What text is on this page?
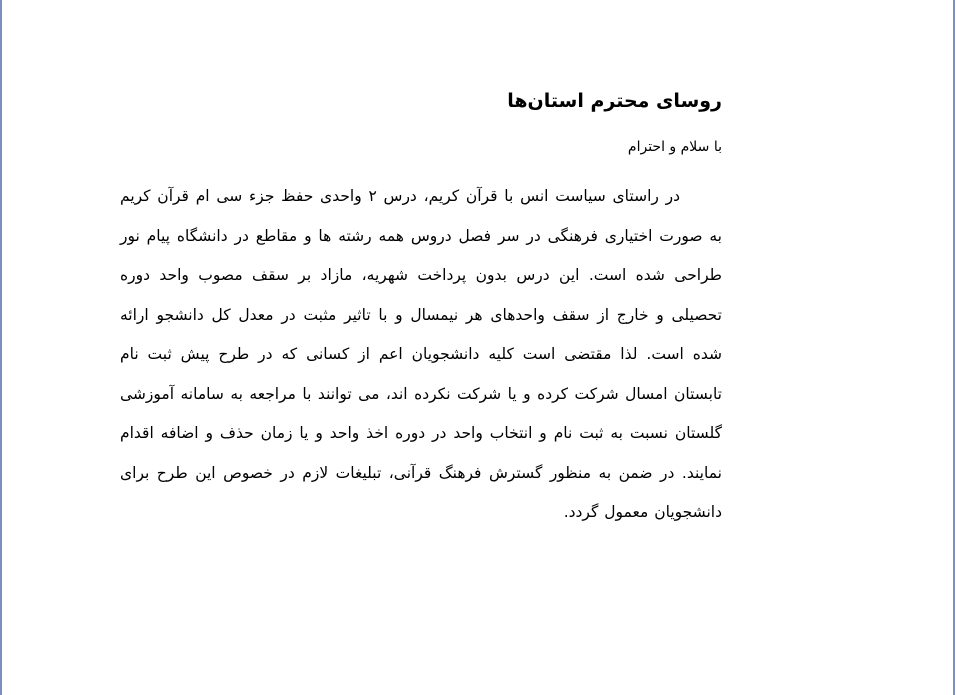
روسای محترم استان‌ها

با سلام و احترام

در راستای سیاست انس با قرآن کریم، درس ۲ واحدی حفظ جزء سی ام قرآن کریم به صورت اختیاری فرهنگی در سر فصل دروس همه رشته ها و مقاطع در دانشگاه پیام نور طراحی شده است. این درس بدون پرداخت شهریه، مازاد بر سقف مصوب واحد دوره تحصیلی و خارج از سقف واحدهای هر نیمسال و با تاثیر مثبت در معدل کل دانشجو ارائه شده است. لذا مقتضی است کلیه دانشجویان اعم از کسانی که در طرح پیش ثبت نام تابستان امسال شرکت کرده و یا شرکت نکرده اند، می توانند با مراجعه به سامانه آموزشی گلستان نسبت به ثبت نام و انتخاب واحد در دوره اخذ واحد و یا زمان حذف و اضافه اقدام نمایند. در ضمن به منظور گسترش فرهنگ قرآنی، تبلیغات لازم در خصوص این طرح برای دانشجویان معمول گردد.
